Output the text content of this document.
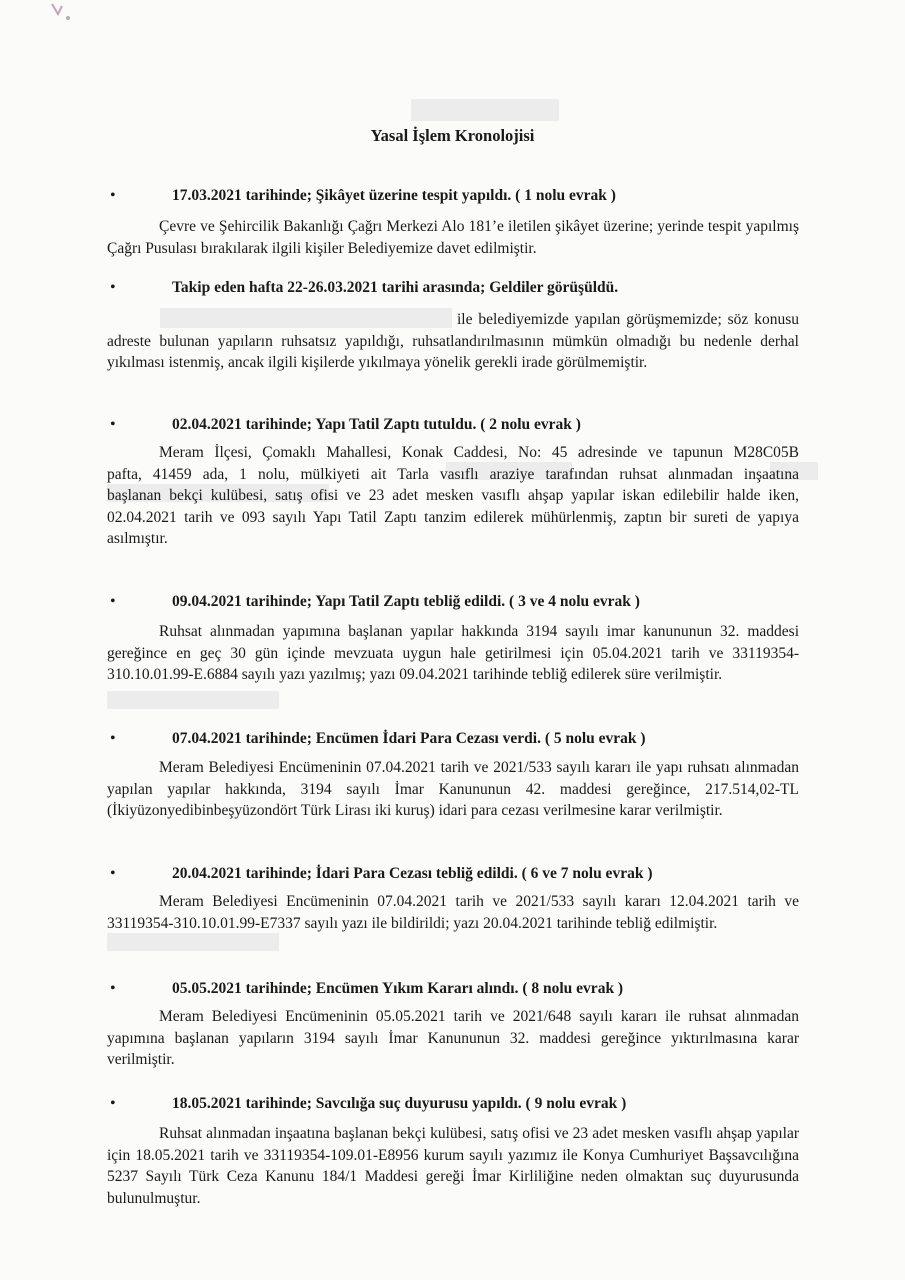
Yasal İşlem Kronolojisi
•	17.03.2021 tarihinde; Şikâyet üzerine tespit yapıldı. ( 1 nolu evrak )

Çevre ve Şehircilik Bakanlığı Çağrı Merkezi Alo 181’e iletilen şikâyet üzerine; yerinde tespit yapılmış Çağrı Pusulası bırakılarak ilgili kişiler Belediyemize davet edilmiştir.

•	Takip eden hafta 22-26.03.2021 tarihi arasında; Geldiler görüşüldü.

ile belediyemizde yapılan görüşmemizde; söz konusu adreste bulunan yapıların ruhsatsız yapıldığı, ruhsatlandırılmasının mümkün olmadığı bu nedenle derhal yıkılması istenmiş, ancak ilgili kişilerde yıkılmaya yönelik gerekli irade görülmemiştir.

•	02.04.2021 tarihinde; Yapı Tatil Zaptı tutuldu. ( 2 nolu evrak )

Meram İlçesi, Çomaklı Mahallesi, Konak Caddesi, No: 45 adresinde ve tapunun M28C05B pafta, 41459 ada, 1 nolu, mülkiyeti ait Tarla vasıflı araziye tarafından ruhsat alınmadan inşaatına başlanan bekçi kulübesi, satış ofisi ve 23 adet mesken vasıflı ahşap yapılar iskan edilebilir halde iken, 02.04.2021 tarih ve 093 sayılı Yapı Tatil Zaptı tanzim edilerek mühürlenmiş, zaptın bir sureti de yapıya asılmıştır.

•	09.04.2021 tarihinde; Yapı Tatil Zaptı tebliğ edildi. ( 3 ve 4 nolu evrak )

Ruhsat alınmadan yapımına başlanan yapılar hakkında 3194 sayılı imar kanununun 32. maddesi gereğince en geç 30 gün içinde mevzuata uygun hale getirilmesi için 05.04.2021 tarih ve 33119354-310.10.01.99-E.6884 sayılı yazı yazılmış; yazı 09.04.2021 tarihinde tebliğ edilerek süre verilmiştir.

•	07.04.2021 tarihinde; Encümen İdari Para Cezası verdi. ( 5 nolu evrak )

Meram Belediyesi Encümeninin 07.04.2021 tarih ve 2021/533 sayılı kararı ile yapı ruhsatı alınmadan yapılan yapılar hakkında, 3194 sayılı İmar Kanununun 42. maddesi gereğince, 217.514,02-TL (İkiyüzonyedibinbeşyüzondört Türk Lirası iki kuruş) idari para cezası verilmesine karar verilmiştir.

•	20.04.2021 tarihinde; İdari Para Cezası tebliğ edildi. ( 6 ve 7 nolu evrak )

Meram Belediyesi Encümeninin 07.04.2021 tarih ve 2021/533 sayılı kararı 12.04.2021 tarih ve 33119354-310.10.01.99-E7337 sayılı yazı ile bildirildi; yazı 20.04.2021 tarihinde tebliğ edilmiştir.

•	05.05.2021 tarihinde; Encümen Yıkım Kararı alındı. ( 8 nolu evrak )

Meram Belediyesi Encümeninin 05.05.2021 tarih ve 2021/648 sayılı kararı ile ruhsat alınmadan yapımına başlanan yapıların 3194 sayılı İmar Kanununun 32. maddesi gereğince yıktırılmasına karar verilmiştir.

•	18.05.2021 tarihinde; Savcılığa suç duyurusu yapıldı. ( 9 nolu evrak )

Ruhsat alınmadan inşaatına başlanan bekçi kulübesi, satış ofisi ve 23 adet mesken vasıflı ahşap yapılar için 18.05.2021 tarih ve 33119354-109.01-E8956 kurum sayılı yazımız ile Konya Cumhuriyet Başsavcılığına 5237 Sayılı Türk Ceza Kanunu 184/1 Maddesi gereği İmar Kirliliğine neden olmaktan suç duyurusunda bulunulmuştur.
